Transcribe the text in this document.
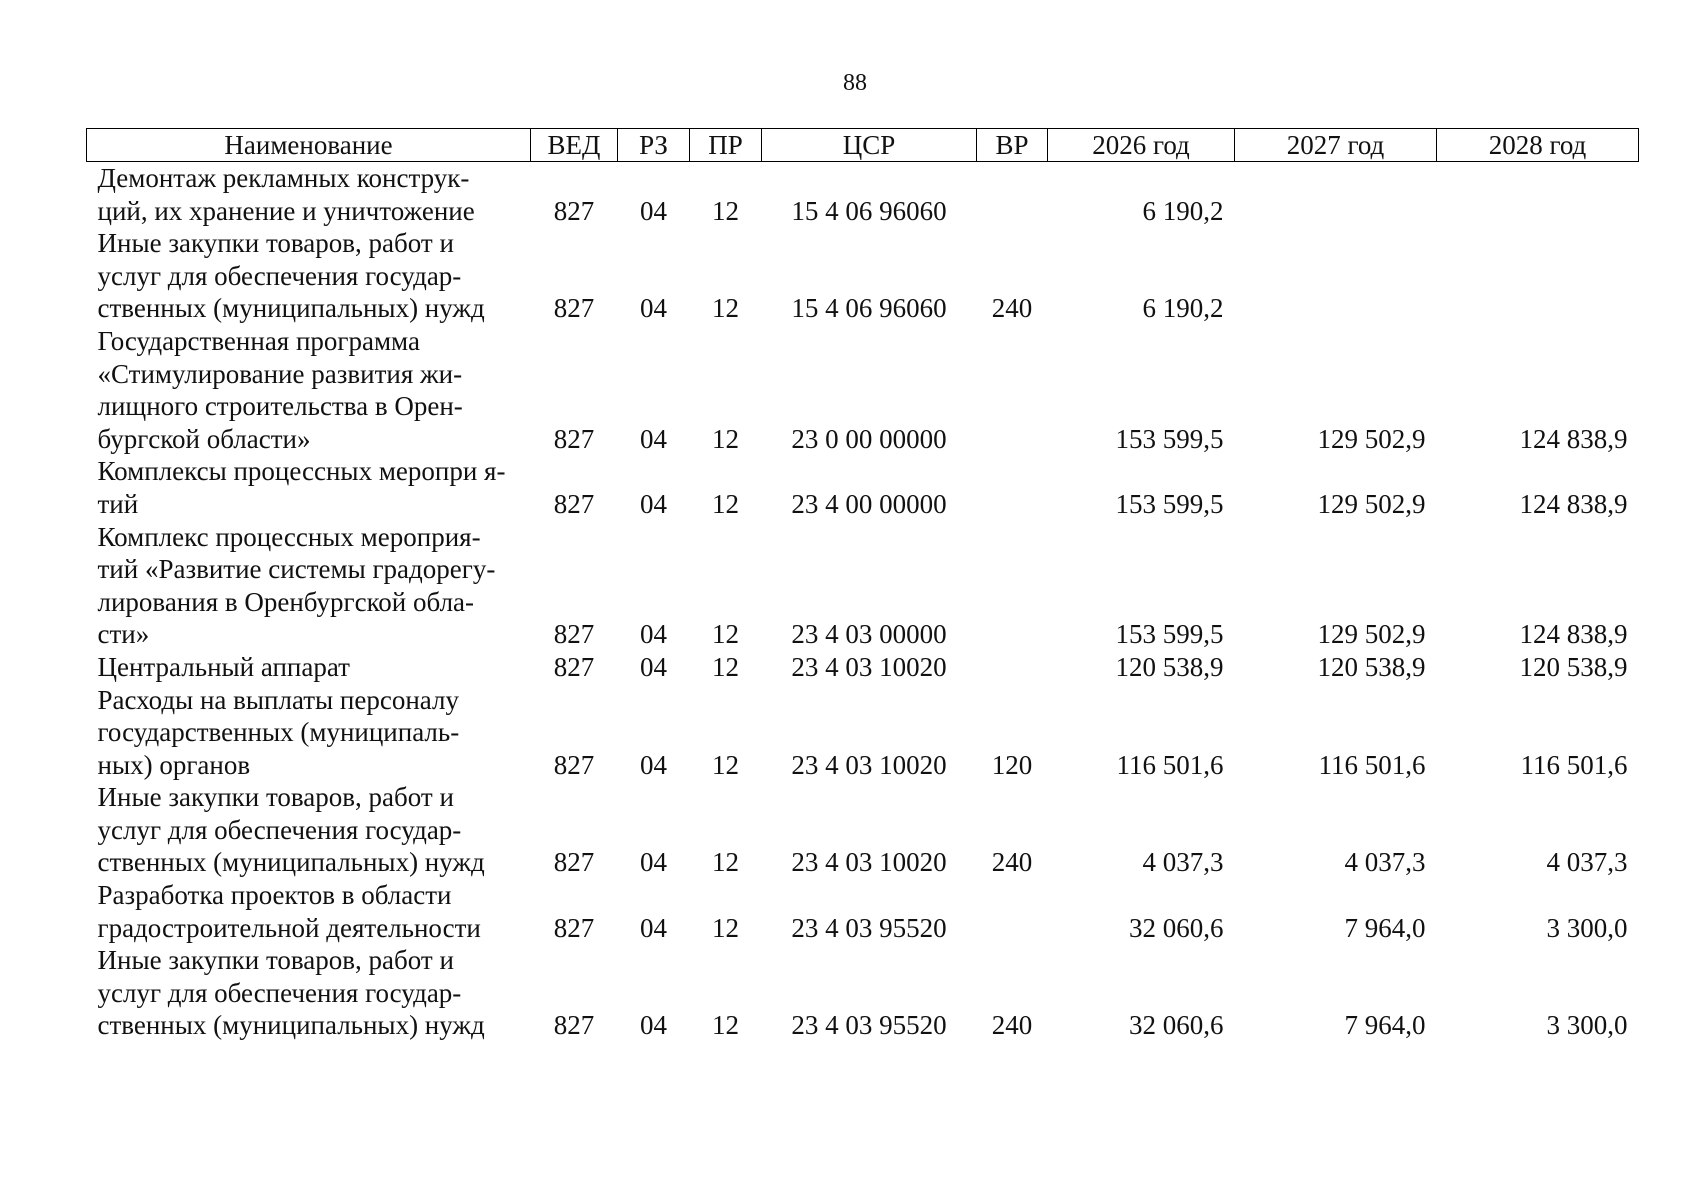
88
Наименование	ВЕД	РЗ	ПР	ЦСР	ВР	2026 год	2027 год	2028 год

Демонтаж рекламных конструк-
ций, их хранение и уничтожение	827	04	12	15 4 06 96060		6 190,2		

Иные закупки товаров, работ и
услуг для обеспечения государ-
ственных (муниципальных) нужд	827	04	12	15 4 06 96060	240	6 190,2		

Государственная программа
«Стимулирование развития жи-
лищного строительства в Орен-
бургской области»	827	04	12	23 0 00 00000		153 599,5	129 502,9	124 838,9

Комплексы процессных меропри я-
тий	827	04	12	23 4 00 00000		153 599,5	129 502,9	124 838,9

Комплекс процессных мероприя-
тий «Развитие системы градорегу-
лирования в Оренбургской обла-
сти»	827	04	12	23 4 03 00000		153 599,5	129 502,9	124 838,9

Центральный аппарат	827	04	12	23 4 03 10020		120 538,9	120 538,9	120 538,9

Расходы на выплаты персоналу
государственных (муниципаль-
ных) органов	827	04	12	23 4 03 10020	120	116 501,6	116 501,6	116 501,6

Иные закупки товаров, работ и
услуг для обеспечения государ-
ственных (муниципальных) нужд	827	04	12	23 4 03 10020	240	4 037,3	4 037,3	4 037,3

Разработка проектов в области
градостроительной деятельности	827	04	12	23 4 03 95520		32 060,6	7 964,0	3 300,0

Иные закупки товаров, работ и
услуг для обеспечения государ-
ственных (муниципальных) нужд	827	04	12	23 4 03 95520	240	32 060,6	7 964,0	3 300,0
